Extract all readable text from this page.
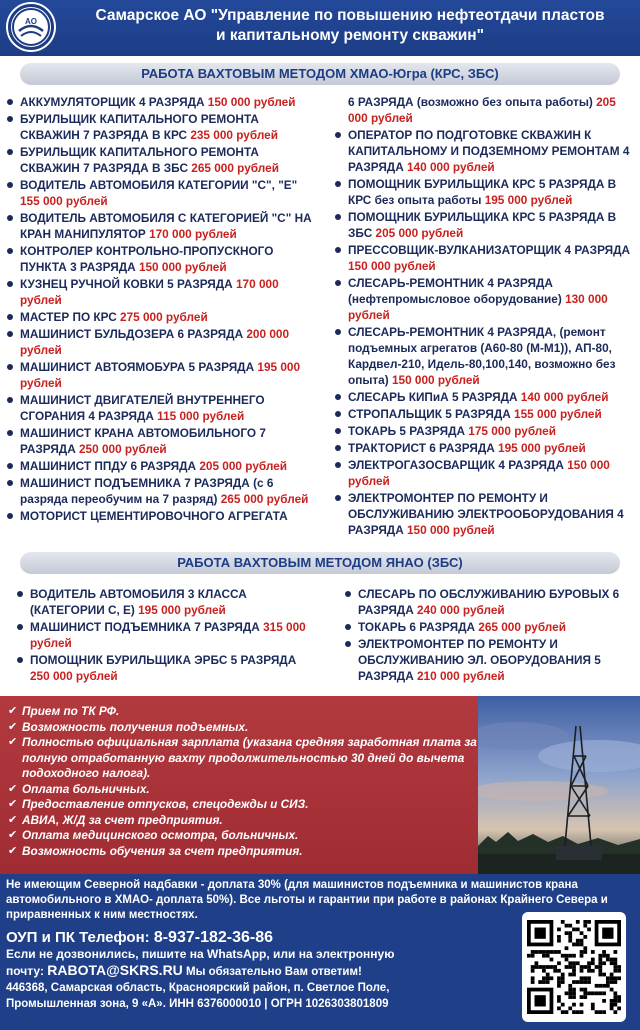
АО	Самарское АО "Управление по повышению нефтеотдачи пластов
и капитальному ремонту скважин"
РАБОТА ВАХТОВЫМ МЕТОДОМ ХМАО-Югра (КРС, ЗБС)
АККУМУЛЯТОРЩИК 4 РАЗРЯДА 150 000 рублей
БУРИЛЬЩИК КАПИТАЛЬНОГО РЕМОНТА СКВАЖИН 7 РАЗРЯДА В КРС 235 000 рублей
БУРИЛЬЩИК КАПИТАЛЬНОГО РЕМОНТА СКВАЖИН 7 РАЗРЯДА В ЗБС 265 000 рублей
ВОДИТЕЛЬ АВТОМОБИЛЯ КАТЕГОРИИ "С", "Е" 155 000 рублей
ВОДИТЕЛЬ АВТОМОБИЛЯ С КАТЕГОРИЕЙ "С" НА КРАН МАНИПУЛЯТОР 170 000 рублей
КОНТРОЛЕР КОНТРОЛЬНО-ПРОПУСКНОГО ПУНКТА 3 РАЗРЯДА 150 000 рублей
КУЗНЕЦ РУЧНОЙ КОВКИ 5 РАЗРЯДА 170 000 рублей
МАСТЕР ПО КРС 275 000 рублей
МАШИНИСТ БУЛЬДОЗЕРА 6 РАЗРЯДА 200 000 рублей
МАШИНИСТ АВТОЯМОБУРА 5 РАЗРЯДА 195 000 рублей
МАШИНИСТ ДВИГАТЕЛЕЙ ВНУТРЕННЕГО СГОРАНИЯ 4 РАЗРЯДА 115 000 рублей
МАШИНИСТ КРАНА АВТОМОБИЛЬНОГО 7 РАЗРЯДА 250 000 рублей
МАШИНИСТ ППДУ 6 РАЗРЯДА 205 000 рублей
МАШИНИСТ ПОДЪЕМНИКА 7 РАЗРЯДА (с 6 разряда переобучим на 7 разряд) 265 000 рублей
МОТОРИСТ ЦЕМЕНТИРОВОЧНОГО АГРЕГАТА
6 РАЗРЯДА (возможно без опыта работы) 205 000 рублей
ОПЕРАТОР ПО ПОДГОТОВКЕ СКВАЖИН К КАПИТАЛЬНОМУ И ПОДЗЕМНОМУ РЕМОНТАМ 4 РАЗРЯДА 140 000 рублей
ПОМОЩНИК БУРИЛЬЩИКА КРС 5 РАЗРЯДА В КРС без опыта работы 195 000 рублей
ПОМОЩНИК БУРИЛЬЩИКА КРС 5 РАЗРЯДА В ЗБС 205 000 рублей
ПРЕССОВЩИК-ВУЛКАНИЗАТОРЩИК 4 РАЗРЯДА 150 000 рублей
СЛЕСАРЬ-РЕМОНТНИК 4 РАЗРЯДА (нефтепромысловое оборудование) 130 000 рублей
СЛЕСАРЬ-РЕМОНТНИК 4 РАЗРЯДА, (ремонт подъемных агрегатов (А60-80 (М-М1)), АП-80, Кардвел-210, Идель-80,100,140, возможно без опыта) 150 000 рублей
СЛЕСАРЬ КИПиА 5 РАЗРЯДА 140 000 рублей
СТРОПАЛЬЩИК 5 РАЗРЯДА 155 000 рублей
ТОКАРЬ 5 РАЗРЯДА 175 000 рублей
ТРАКТОРИСТ 6 РАЗРЯДА 195 000 рублей
ЭЛЕКТРОГАЗОСВАРЩИК 4 РАЗРЯДА 150 000 рублей
ЭЛЕКТРОМОНТЕР ПО РЕМОНТУ И ОБСЛУЖИВАНИЮ ЭЛЕКТРООБОРУДОВАНИЯ 4 РАЗРЯДА 150 000 рублей
РАБОТА ВАХТОВЫМ МЕТОДОМ ЯНАО (ЗБС)
ВОДИТЕЛЬ АВТОМОБИЛЯ 3 КЛАССА (КАТЕГОРИИ С, Е) 195 000 рублей
МАШИНИСТ ПОДЪЕМНИКА 7 РАЗРЯДА 315 000 рублей
ПОМОЩНИК БУРИЛЬЩИКА ЭРБС 5 РАЗРЯДА 250 000 рублей
СЛЕСАРЬ ПО ОБСЛУЖИВАНИЮ БУРОВЫХ 6 РАЗРЯДА 240 000 рублей
ТОКАРЬ 6 РАЗРЯДА 265 000 рублей
ЭЛЕКТРОМОНТЕР ПО РЕМОНТУ И ОБСЛУЖИВАНИЮ ЭЛ. ОБОРУДОВАНИЯ 5 РАЗРЯДА 210 000 рублей
✔ Прием по ТК РФ.
✔ Возможность получения подъемных.
✔ Полностью официальная зарплата (указана средняя заработная плата за полную отработанную вахту продолжительностью 30 дней до вычета подоходного налога).
✔ Оплата больничных.
✔ Предоставление отпусков, спецодежды и СИЗ.
✔ АВИА, Ж/Д за счет предприятия.
✔ Оплата медицинского осмотра, больничных.
✔ Возможность обучения за счет предприятия.
Не имеющим Северной надбавки - доплата 30% (для машинистов подъемника и машинистов крана автомобильного в ХМАО- доплата 50%). Все льготы и гарантии при работе в районах Крайнего Севера и приравненных к ним местностях.
ОУП и ПК Телефон: 8-937-182-36-86
Если не дозвонились, пишите на WhatsApp, или на электронную
почту: RABOTA@SKRS.RU Мы обязательно Вам ответим!
446368, Самарская область, Красноярский район, п. Светлое Поле,
Промышленная зона, 9 «А». ИНН 6376000010 | ОГРН 1026303801809
